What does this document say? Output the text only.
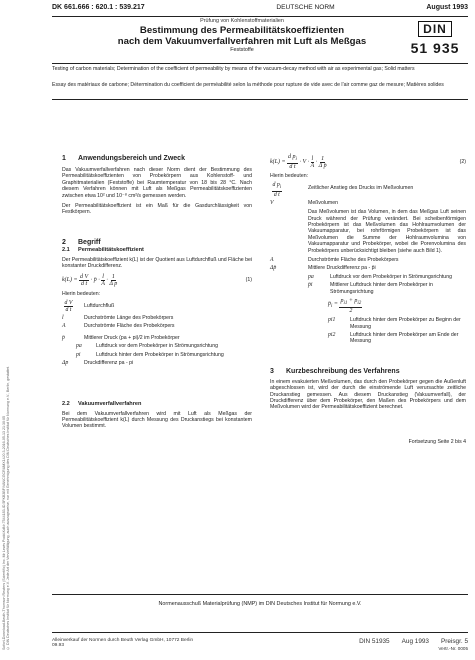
Sofort-Download-Beuth-Thomson Reuters (Scientific) Inc. Mr Lewis Podd-KdNr.7544183-ID.5FKB3BF/VANCGCRUMX14J0.3-2016-05-13 21:30:05 © DIN Deutsches Institut für Normung e.V. Jede Art der Vervielfältigung, auch auszugsweise, nur mit Genehmigung des DIN Deutsches Institut für Normung e.V., Berlin, gestattet.
DK 661.666 : 620.1 : 539.217	DEUTSCHE NORM	August 1993
Prüfung von Kohlenstoffmaterialien
Bestimmung des Permeabilitätskoeffizienten
nach dem Vakuumverfallverfahren mit Luft als Meßgas
Feststoffe
DIN
51 935
Testing of carbon materials; Determination of the coefficient of permeability by means of the vacuum-decay method with air as experimental gas; Solid matters
Essay des matériaux de carbone; Détermination du coefficient de perméabilité selon la méthode pour rupture de vide avec de l'air comme gaz de mesure; Matières solides
1	Anwendungsbereich und Zweck
Das Vakuumverfallverfahren nach dieser Norm dient der Bestimmung des Permeabilitätskoeffizienten von Probekörpern aus Kohlenstoff- und Graphitmaterialien (Feststoffe) bei Raumtemperatur von 18 bis 28 °C. Nach diesem Verfahren können mit Luft als Meßgas Permeabilitätskoeffizienten zwischen etwa 10² und 10⁻⁸ cm²/s gemessen werden.
Der Permeabilitätskoeffizient ist ein Maß für die Gasdurchlässigkeit von Festkörpern.
2	Begriff
2.1	Permeabilitätskoeffizient
Der Permeabilitätskoeffizient k(L) ist der Quotient aus Luftdurchfluß und Fläche bei konstanter Druckdifferenz.
$k(L) = \frac{\text{d V}}{\text{d t}}$ · p̄ · $\frac{l}{A} \cdot \frac{1}{\text{Δ p}}$	(1)
Hierin bedeuten:
$\frac{\text{d V}}{\text{d t}}$ Luftdurchfluß
l	Durchströmte Länge des Probekörpers
A	Durchströmte Fläche des Probekörpers
p̄	Mittlerer Druck (pa + pi)/2 im Probekörper
pa	Luftdruck vor dem Probekörper in Strömungsrichtung
pi	Luftdruck hinter dem Probekörper in Strömungsrichtung
Δp	Druckdifferenz pa - pi
2.2	Vakuumverfallverfahren
Bei dem Vakuumverfallverfahren wird mit Luft als Meßgas der Permeabilitätskoeffizient k(L) durch Messung des Druckanstiegs bei konstantem Volumen bestimmt.
$k(L) = \frac{d p_i}{\text{d t}} \cdot V \cdot \frac{l}{A} \cdot \frac{1}{\text{Δ p̄}}$	(2)
Hierin bedeuten:
$\frac{d p_i}{\text{d t}}$	Zeitlicher Anstieg des Drucks im Meßvolumen
V	Meßvolumen
Das Meßvolumen ist das Volumen, in dem das Meßgas Luft seinen Druck während der Prüfung verändert. Bei scheibenförmigen Probekörpern ist das Meßvolumen das Hohlraumvolumen der Vakuumapparatur, bei rohrförmigen Probekörpern ist das Meßvolumen die Summe der Hohlraumvolumina von Vakuumapparatur und Probekörper, wobei die Porenvolumina des Probekörpers unberücksichtigt bleiben (siehe auch Bild 1).
A	Durchströmte Fläche des Probekörpers
Δp̄	Mittlere Druckdifferenz pa - p̄i
pa	Luftdruck vor dem Probekörper in Strömungsrichtung
p̄i	Mittlerer Luftdruck hinter dem Probekörper in Strömungsrichtung
$p̄_i = \frac{p_{i1} + p_{i2}}{2}$
pi1	Luftdruck hinter dem Probekörper zu Beginn der Messung
pi2	Luftdruck hinter dem Probekörper am Ende der Messung
3	Kurzbeschreibung des Verfahrens
In einem evakuierten Meßvolumen, das durch den Probekörper gegen die Außenluft abgeschlossen ist, wird der durch die einströmende Luft verursachte zeitliche Druckanstieg gemessen. Aus diesem Druckanstieg (Vakuumverfall), der Druckdifferenz über dem Probekörper, den Maßen des Probekörpers und dem Meßvolumen wird der Permeabilitätskoeffizient berechnet.
Fortsetzung Seite 2 bis 4
Normenausschuß Materialprüfung (NMP) im DIN Deutsches Institut für Normung e.V.
Alleinverkauf der Normen durch Beuth Verlag GmbH, 10772 Berlin
09.93
DIN 51935 Aug 1993 Preisgr. 5
Vertr.-Nr. 0005
